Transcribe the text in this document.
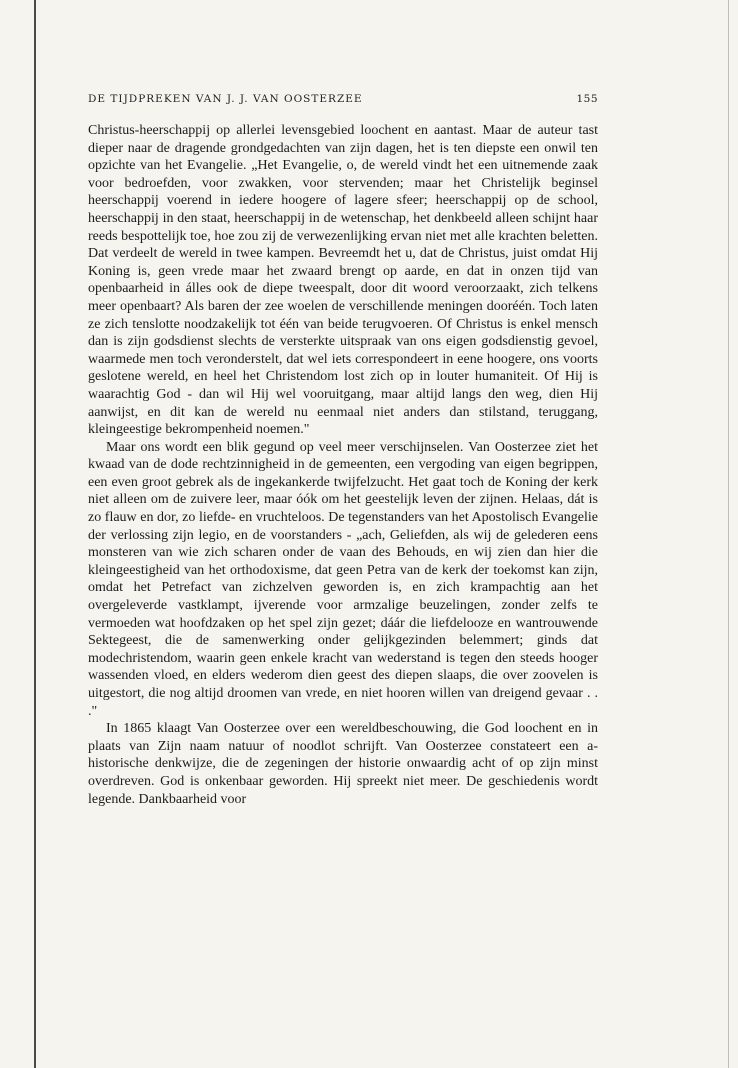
DE TIJDPREKEN VAN J. J. VAN OOSTERZEE	155

Christus-heerschappij op allerlei levensgebied loochent en aantast. Maar de auteur tast dieper naar de dragende grondgedachten van zijn dagen, het is ten diepste een onwil ten opzichte van het Evangelie. „Het Evangelie, o, de wereld vindt het een uitnemende zaak voor bedroefden, voor zwakken, voor stervenden; maar het Christelijk beginsel heerschappij voerend in iedere hoogere of lagere sfeer; heerschappij op de school, heerschappij in den staat, heerschappij in de wetenschap, het denkbeeld alleen schijnt haar reeds bespottelijk toe, hoe zou zij de verwezenlijking ervan niet met alle krachten beletten. Dat verdeelt de wereld in twee kampen. Bevreemdt het u, dat de Christus, juist omdat Hij Koning is, geen vrede maar het zwaard brengt op aarde, en dat in onzen tijd van openbaarheid in álles ook de diepe tweespalt, door dit woord veroorzaakt, zich telkens meer openbaart? Als baren der zee woelen de verschillende meningen dooréén. Toch laten ze zich tenslotte noodzakelijk tot één van beide terugvoeren. Of Christus is enkel mensch dan is zijn godsdienst slechts de versterkte uitspraak van ons eigen godsdienstig gevoel, waarmede men toch veronderstelt, dat wel iets correspondeert in eene hoogere, ons voorts geslotene wereld, en heel het Christendom lost zich op in louter humaniteit. Of Hij is waarachtig God - dan wil Hij wel vooruitgang, maar altijd langs den weg, dien Hij aanwijst, en dit kan de wereld nu eenmaal niet anders dan stilstand, teruggang, kleingeestige bekrompenheid noemen."

Maar ons wordt een blik gegund op veel meer verschijnselen. Van Oosterzee ziet het kwaad van de dode rechtzinnigheid in de gemeenten, een vergoding van eigen begrippen, een even groot gebrek als de ingekankerde twijfelzucht. Het gaat toch de Koning der kerk niet alleen om de zuivere leer, maar óók om het geestelijk leven der zijnen. Helaas, dát is zo flauw en dor, zo liefde- en vruchteloos. De tegenstanders van het Apostolisch Evangelie der verlossing zijn legio, en de voorstanders - „ach, Geliefden, als wij de gelederen eens monsteren van wie zich scharen onder de vaan des Behouds, en wij zien dan hier die kleingeestigheid van het orthodoxisme, dat geen Petra van de kerk der toekomst kan zijn, omdat het Petrefact van zichzelven geworden is, en zich krampachtig aan het overgeleverde vastklampt, ijverende voor armzalige beuzelingen, zonder zelfs te vermoeden wat hoofdzaken op het spel zijn gezet; dáár die liefdelooze en wantrouwende Sektegeest, die de samenwerking onder gelijkgezinden belemmert; ginds dat modechristendom, waarin geen enkele kracht van wederstand is tegen den steeds hooger wassenden vloed, en elders wederom dien geest des diepen slaaps, die over zoovelen is uitgestort, die nog altijd droomen van vrede, en niet hooren willen van dreigend gevaar . . ."

In 1865 klaagt Van Oosterzee over een wereldbeschouwing, die God loochent en in plaats van Zijn naam natuur of noodlot schrijft. Van Oosterzee constateert een a-historische denkwijze, die de zegeningen der historie onwaardig acht of op zijn minst overdreven. God is onkenbaar geworden. Hij spreekt niet meer. De geschiedenis wordt legende. Dankbaarheid voor
